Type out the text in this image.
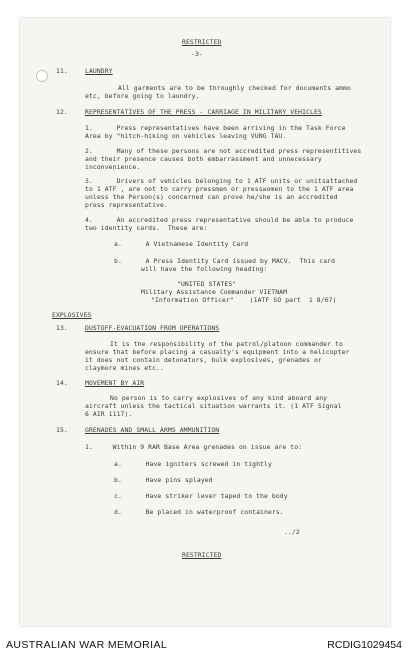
RESTRICTED
-3-
11.	LAUNDRY
All garments are to be throughly checked for documents ammo
etc, before going to laundry.
12.	REPRESENTATIVES OF THE PRESS - CARRIAGE IN MILITARY VEHICLES
1.      Press representatives have been arriving in the Task Force
Area by "hitch-hiking on vehicles leaving VUNG TAU.
2.      Many of these persons are not accredited press representitives
and their presence causes both embarrassment and unnecessary
inconvenience.
3.      Drivers of vehicles belonging to 1 ATF units or unitsattached
to 1 ATF , are not to carry pressmen or presswomen to the 1 ATF area
unless the Person(s) concerned can prove he/she is an accredited
press representative.
4.      An accredited press representative should be able to produce
two identity cards.  These are:
a.      A Vietnamese Identity Card
b.      A Press Identity Card issued by MACV.  This card
will have the following heading:
"UNITED STATES"
Military Assistance Commander VIETNAM
"Information Officer"    (1ATF SO part  1 8/67)
EXPLOSIVES
13.	DUSTOFF-EVACUATION FROM OPERATIONS
It is the responsibility of the patrol/platoon commander to
ensure that before placing a casualty's equipment into a helicopter
it does not contain detonators, bulk explosives, grenades or
claymore mines etc..
14.	MOVEMENT BY AIR
No person is to carry explosives of any kind aboard any
aircraft unless the tactical situation warrants it. (1 ATF Signal
6 AIR 1117).
15.	GRENADES AND SMALL ARMS AMMUNITION
1.     Within 9 RAR Base Area grenades on issue are to:
a.      Have igniters screwed in tightly
b.      Have pins splayed
c.      Have striker lever taped to the body
d.      Be placed in waterproof containers.
../2
RESTRICTED
AUSTRALIAN WAR MEMORIAL	RCDIG1029454
